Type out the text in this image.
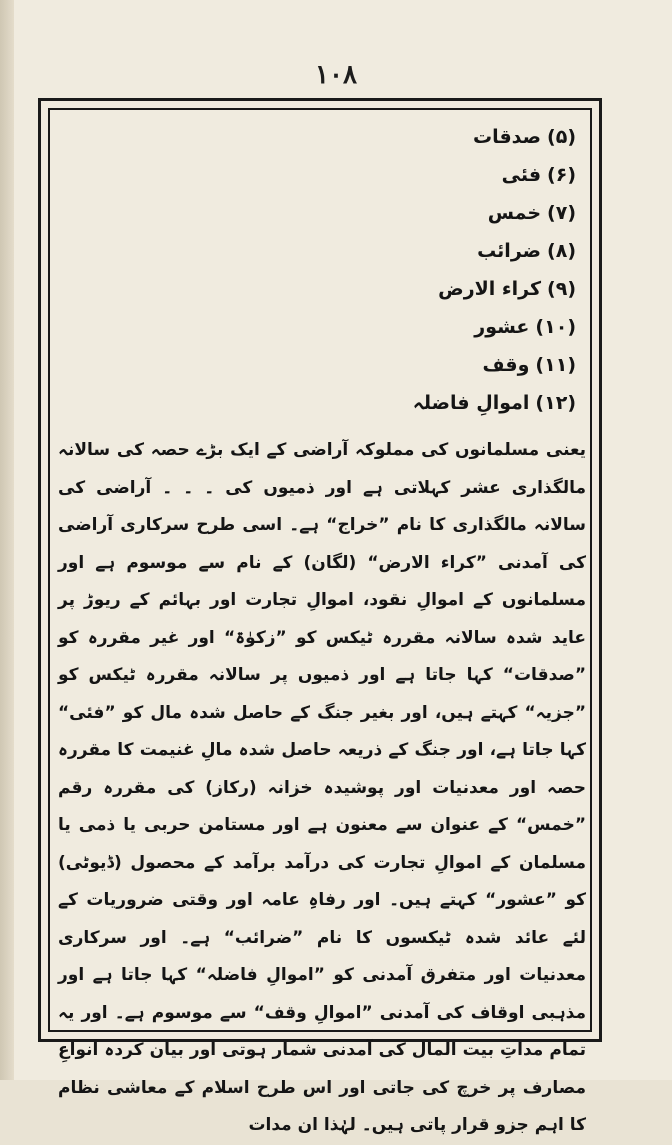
۱۰۸
(۵)صدقات
(۶)فئی
(۷)خمس
(۸)ضرائب
(۹)کراء الارض
(۱۰)عشور
(۱۱)وقف
(۱۲)اموالِ فاضلہ

یعنی مسلمانوں کی مملوکہ آراضی کے ایک بڑے حصہ کی سالانہ مالگذاری عشر کہلاتی ہے اور ذمیوں کی ۔ ۔ ۔ آراضی کی سالانہ مالگذاری کا نام ”خراج“ ہے۔ اسی طرح سرکاری آراضی کی آمدنی ”کراء الارض“ (لگان) کے نام سے موسوم ہے اور مسلمانوں کے اموالِ نقود، اموالِ تجارت اور بہائم کے ریوڑ پر عاید شدہ سالانہ مقررہ ٹیکس کو ”زکوٰۃ“ اور غیر مقررہ کو ”صدقات“ کہا جاتا ہے اور ذمیوں پر سالانہ مقررہ ٹیکس کو ”جزیہ“ کہتے ہیں، اور بغیر جنگ کے حاصل شدہ مال کو ”فئی“ کہا جاتا ہے، اور جنگ کے ذریعہ حاصل شدہ مالِ غنیمت کا مقررہ حصہ اور معدنیات اور پوشیدہ خزانہ (رکاز) کی مقررہ رقم ”خمس“ کے عنوان سے معنون ہے اور مستامن حربی یا ذمی یا مسلمان کے اموالِ تجارت کی درآمد برآمد کے محصول (ڈیوٹی) کو ”عشور“ کہتے ہیں۔ اور رفاہِ عامہ اور وقتی ضروریات کے لئے عائد شدہ ٹیکسوں کا نام ”ضرائب“ ہے۔ اور سرکاری معدنیات اور متفرق آمدنی کو ”اموالِ فاضلہ“ کہا جاتا ہے اور مذہبی اوقاف کی آمدنی ”اموالِ وقف“ سے موسوم ہے۔ اور یہ تمام مداتِ بیت المال کی آمدنی شمار ہوتی اور بیان کردہ انواعِ مصارف پر خرچ کی جاتی اور اس طرح اسلام کے معاشی نظام کا اہم جزو قرار پاتی ہیں۔ لہٰذا ان مدات
